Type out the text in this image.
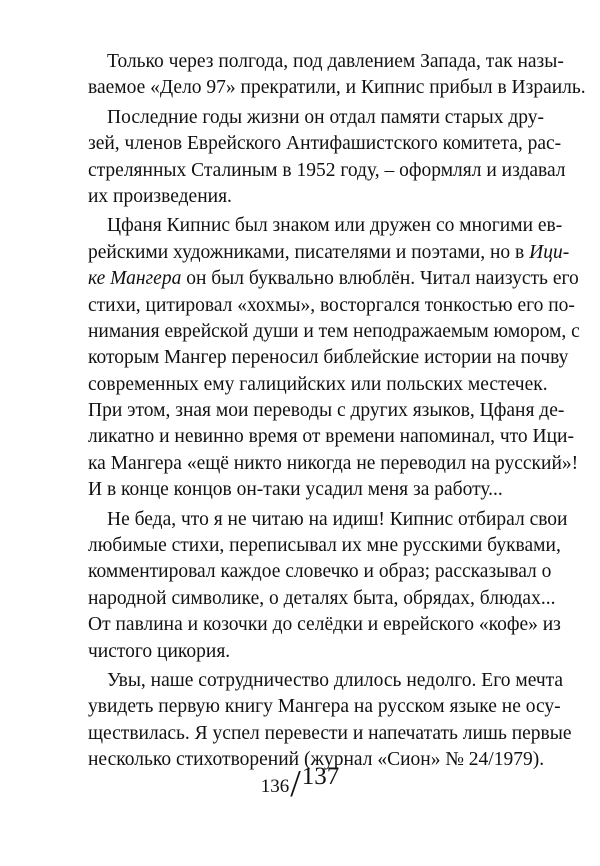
Только через полгода, под давлением Запада, так назы-
ваемое «Дело 97» прекратили, и Кипнис прибыл в Израиль.
Последние годы жизни он отдал памяти старых дру-
зей, членов Еврейского Антифашистского комитета, рас-
стрелянных Сталиным в 1952 году, – оформлял и издавал
их произведения.
Цфаня Кипнис был знаком или дружен со многими ев-
рейскими художниками, писателями и поэтами, но в Ици-
ке Мангера он был буквально влюблён. Читал наизусть его
стихи, цитировал «хохмы», восторгался тонкостью его по-
нимания еврейской души и тем неподражаемым юмором, с
которым Мангер переносил библейские истории на почву
современных ему галицийских или польских местечек.
При этом, зная мои переводы с других языков, Цфаня де-
ликатно и невинно время от времени напоминал, что Ици-
ка Мангера «ещё никто никогда не переводил на русский»!
И в конце концов он-таки усадил меня за работу...
Не беда, что я не читаю на идиш! Кипнис отбирал свои
любимые стихи, переписывал их мне русскими буквами,
комментировал каждое словечко и образ; рассказывал о
народной символике, о деталях быта, обрядах, блюдах...
От павлина и козочки до селёдки и еврейского «кофе» из
чистого цикория.
Увы, наше сотрудничество длилось недолго. Его мечта
увидеть первую книгу Мангера на русском языке не осу-
ществилась. Я успел перевести и напечатать лишь первые
несколько стихотворений (журнал «Сион» № 24/1979).
136/137
